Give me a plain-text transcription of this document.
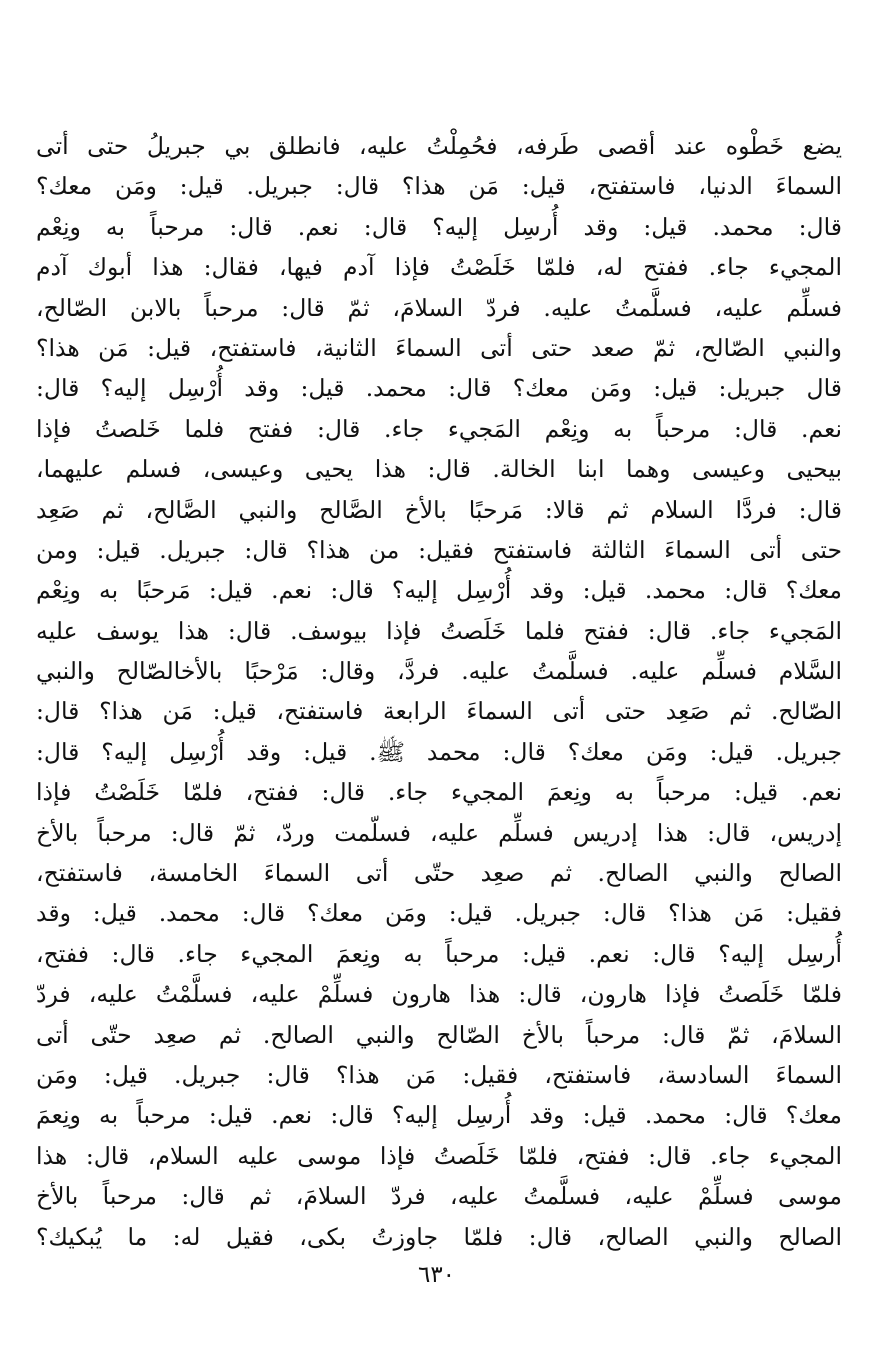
يضع خَطْوه عند أقصى طَرفه، فحُمِلْتُ عليه، فانطلق بي جبريلُ حتى أتى
السماءَ الدنيا، فاستفتح، قيل: مَن هذا؟ قال: جبريل. قيل: ومَن معك؟
قال: محمد. قيل: وقد أُرسِل إليه؟ قال: نعم. قال: مرحباً به ونِعْم
المجيء جاء. ففتح له، فلمّا خَلَصْتُ فإذا آدم فيها، فقال: هذا أبوك آدم
فسلِّم عليه، فسلَّمتُ عليه. فردّ السلامَ، ثمّ قال: مرحباً بالابن الصّالح،
والنبي الصّالح، ثمّ صعد حتى أتى السماءَ الثانية، فاستفتح، قيل: مَن هذا؟
قال جبريل: قيل: ومَن معك؟ قال: محمد. قيل: وقد أُرْسِل إليه؟ قال:
نعم. قال: مرحباً به ونِعْم المَجيء جاء. قال: ففتح فلما خَلصتُ فإذا
بيحيى وعيسى وهما ابنا الخالة. قال: هذا يحيى وعيسى، فسلم عليهما،
قال: فردَّا السلام ثم قالا: مَرحبًا بالأخ الصَّالح والنبي الصَّالح، ثم صَعِد
حتى أتى السماءَ الثالثة فاستفتح فقيل: من هذا؟ قال: جبريل. قيل: ومن
معك؟ قال: محمد. قيل: وقد أُرْسِل إليه؟ قال: نعم. قيل: مَرحبًا به ونِعْم
المَجيء جاء. قال: ففتح فلما خَلَصتُ فإذا بيوسف. قال: هذا يوسف عليه
السَّلام فسلِّم عليه. فسلَّمتُ عليه. فردَّ، وقال: مَرْحبًا بالأخالصّالح والنبي
الصّالح. ثم صَعِد حتى أتى السماءَ الرابعة فاستفتح، قيل: مَن هذا؟ قال:
جبريل. قيل: ومَن معك؟ قال: محمد ﷺ. قيل: وقد أُرْسِل إليه؟ قال:
نعم. قيل: مرحباً به ونِعمَ المجيء جاء. قال: ففتح، فلمّا خَلَصْتُ فإذا
إدريس، قال: هذا إدريس فسلِّم عليه، فسلّمت وردّ، ثمّ قال: مرحباً بالأخ
الصالح والنبي الصالح. ثم صعِد حتّى أتى السماءَ الخامسة، فاستفتح،
فقيل: مَن هذا؟ قال: جبريل. قيل: ومَن معك؟ قال: محمد. قيل: وقد
أُرسِل إليه؟ قال: نعم. قيل: مرحباً به ونِعمَ المجيء جاء. قال: ففتح،
فلمّا خَلَصتُ فإذا هارون، قال: هذا هارون فسلِّمْ عليه، فسلَّمْتُ عليه، فردّ
السلامَ، ثمّ قال: مرحباً بالأخ الصّالح والنبي الصالح. ثم صعِد حتّى أتى
السماءَ السادسة، فاستفتح، فقيل: مَن هذا؟ قال: جبريل. قيل: ومَن
معك؟ قال: محمد. قيل: وقد أُرسِل إليه؟ قال: نعم. قيل: مرحباً به ونِعمَ
المجيء جاء. قال: ففتح، فلمّا خَلَصتُ فإذا موسى عليه السلام، قال: هذا
موسى فسلِّمْ عليه، فسلَّمتُ عليه، فردّ السلامَ، ثم قال: مرحباً بالأخ
الصالح والنبي الصالح، قال: فلمّا جاوزتُ بكى، فقيل له: ما يُبكيك؟
٦٣٠
